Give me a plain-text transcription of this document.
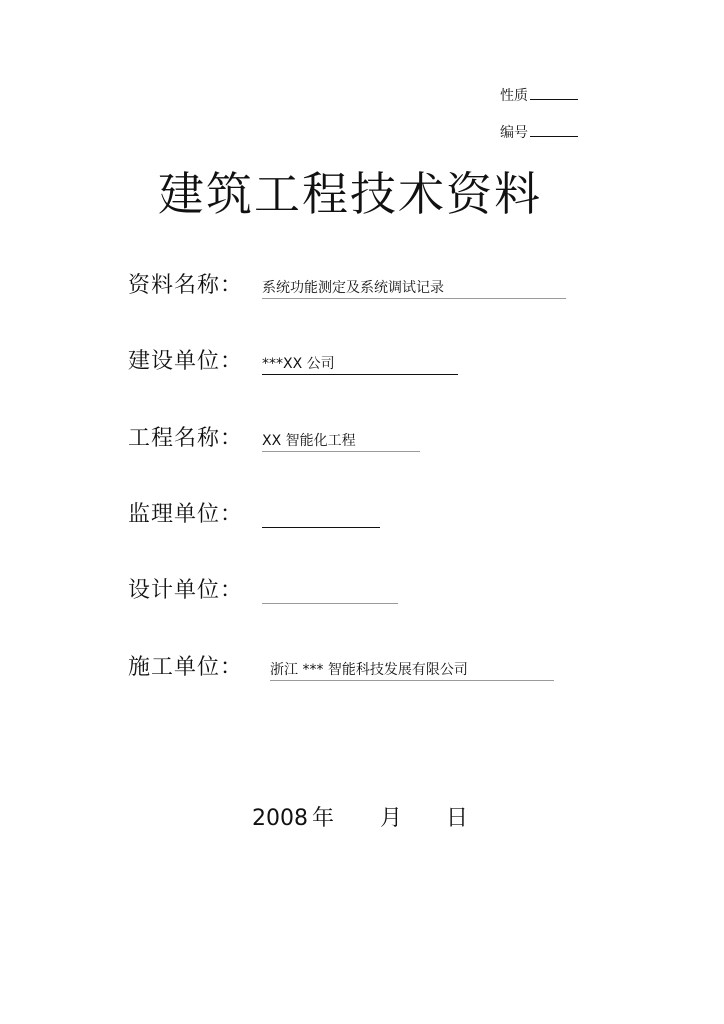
性质
编号
建筑工程技术资料
资料名称： 系统功能测定及系统调试记录
建设单位： ***XX 公司
工程名称： XX 智能化工程
监理单位：
设计单位：
施工单位： 浙江 *** 智能科技发展有限公司
2008 年 月 日
